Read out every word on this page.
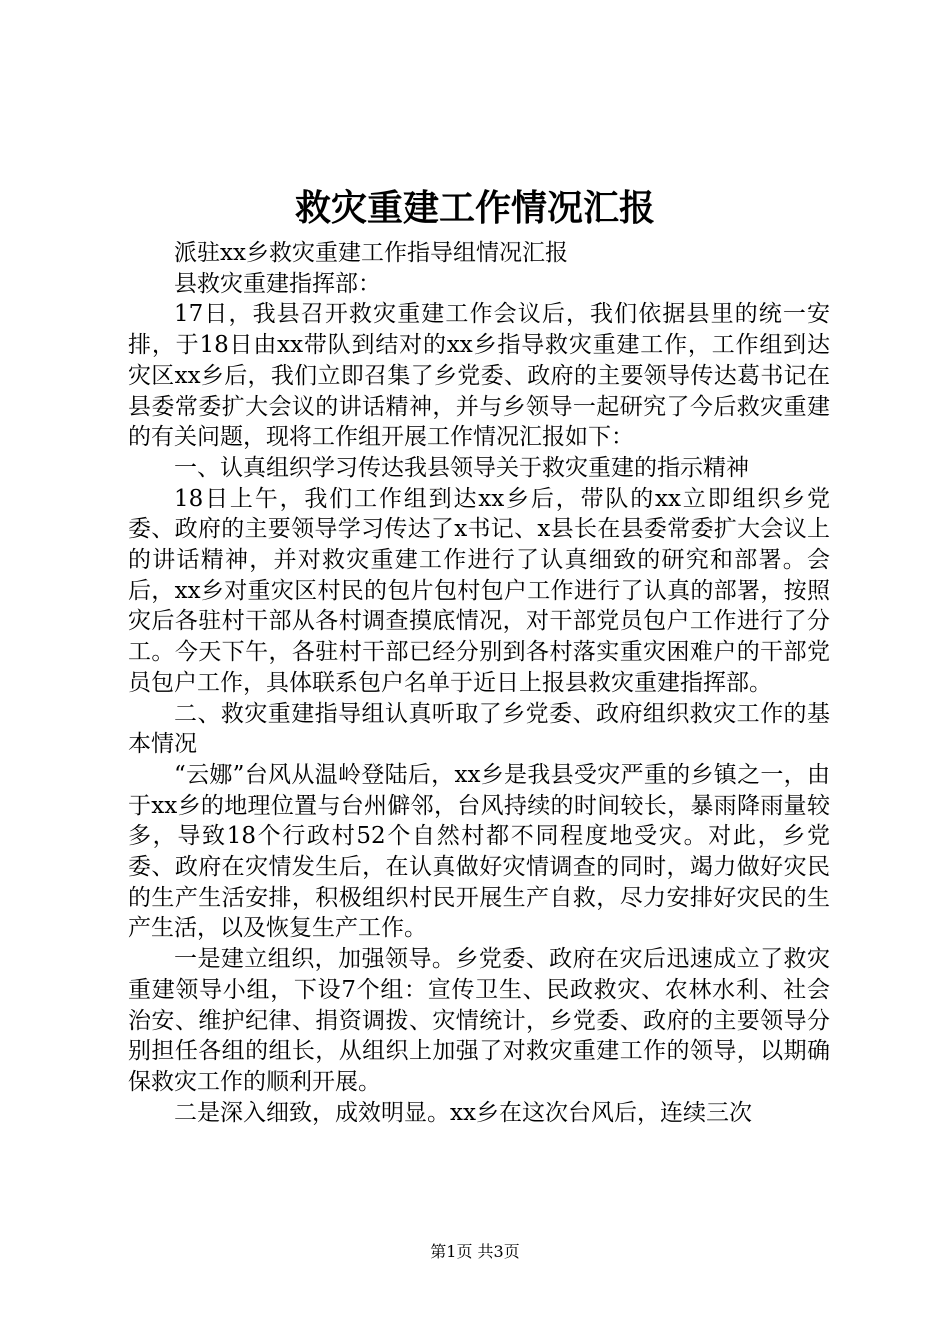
救灾重建工作情况汇报

派驻xx乡救灾重建工作指导组情况汇报

县救灾重建指挥部：

17日，我县召开救灾重建工作会议后，我们依据县里的统一安排，于18日由xx带队到结对的xx乡指导救灾重建工作，工作组到达灾区xx乡后，我们立即召集了乡党委、政府的主要领导传达葛书记在县委常委扩大会议的讲话精神，并与乡领导一起研究了今后救灾重建的有关问题，现将工作组开展工作情况汇报如下：

一、认真组织学习传达我县领导关于救灾重建的指示精神

18日上午，我们工作组到达xx乡后，带队的xx立即组织乡党委、政府的主要领导学习传达了x书记、x县长在县委常委扩大会议上的讲话精神，并对救灾重建工作进行了认真细致的研究和部署。会后，xx乡对重灾区村民的包片包村包户工作进行了认真的部署，按照灾后各驻村干部从各村调查摸底情况，对干部党员包户工作进行了分工。今天下午，各驻村干部已经分别到各村落实重灾困难户的干部党员包户工作，具体联系包户名单于近日上报县救灾重建指挥部。

二、救灾重建指导组认真听取了乡党委、政府组织救灾工作的基本情况

“云娜”台风从温岭登陆后，xx乡是我县受灾严重的乡镇之一，由于xx乡的地理位置与台州僻邻，台风持续的时间较长，暴雨降雨量较多，导致18个行政村52个自然村都不同程度地受灾。对此，乡党委、政府在灾情发生后，在认真做好灾情调查的同时，竭力做好灾民的生产生活安排，积极组织村民开展生产自救，尽力安排好灾民的生产生活，以及恢复生产工作。

一是建立组织，加强领导。乡党委、政府在灾后迅速成立了救灾重建领导小组，下设7个组：宣传卫生、民政救灾、农林水利、社会治安、维护纪律、捐资调拨、灾情统计，乡党委、政府的主要领导分别担任各组的组长，从组织上加强了对救灾重建工作的领导，以期确保救灾工作的顺利开展。

二是深入细致，成效明显。xx乡在这次台风后，连续三次

第1页 共3页
